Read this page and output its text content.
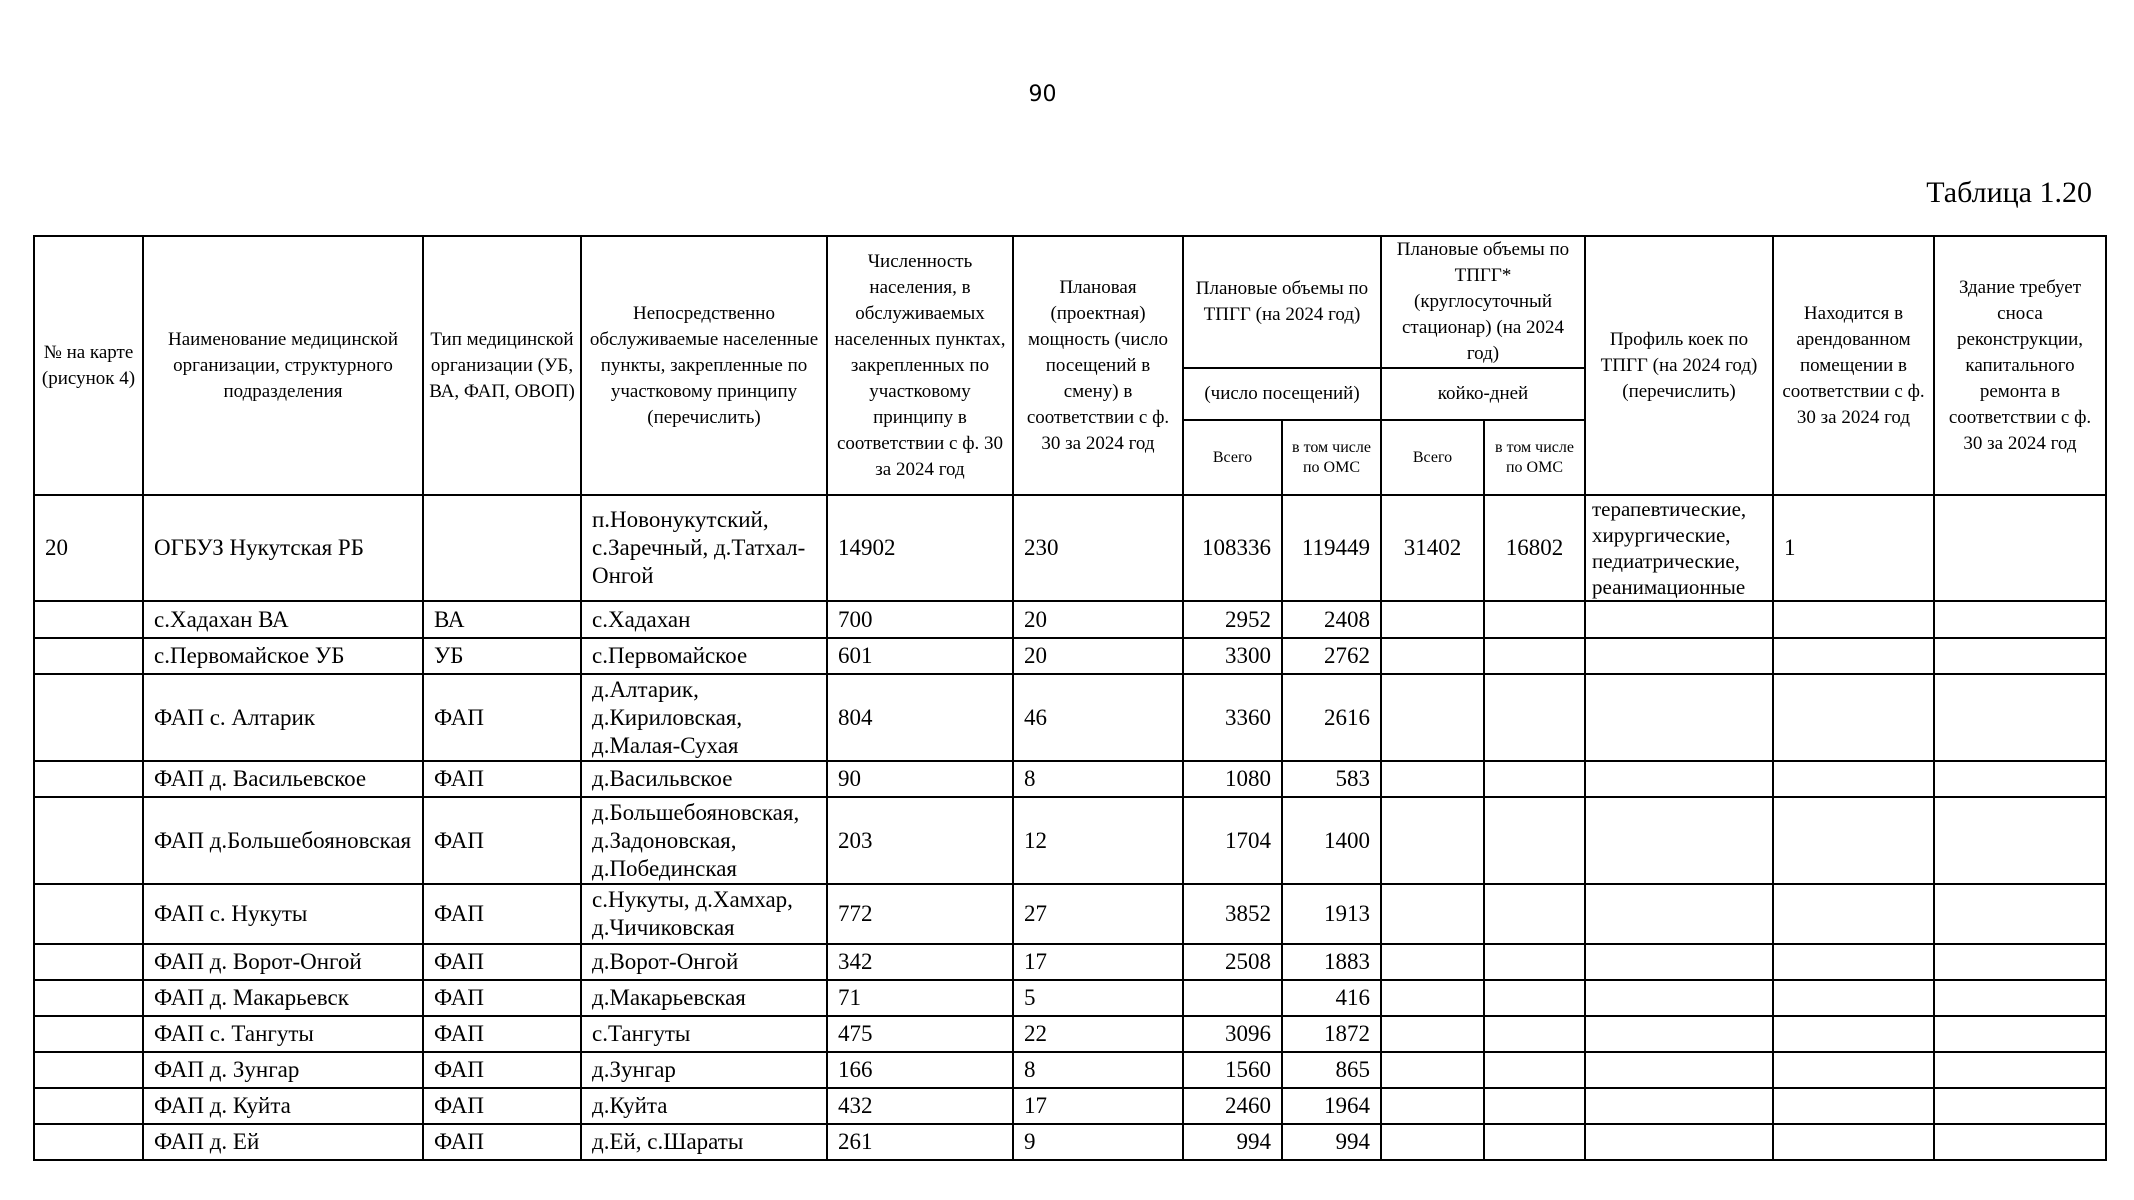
90
Таблица 1.20
№ на карте (рисунок 4)	Наименование медицинской организации, структурного подразделения	Тип медицинской организации (УБ, ВА, ФАП, ОВОП)	Непосредственно обслуживаемые населенные пункты, закрепленные по участковому принципу (перечислить)	Численность населения, в обслуживаемых населенных пунктах, закрепленных по участковому принципу в соответствии с ф. 30 за 2024 год	Плановая (проектная) мощность (число посещений в смену) в соответствии с ф. 30 за 2024 год	Плановые объемы по ТПГГ (на 2024 год)		Плановые объемы по ТПГГ* (круглосуточный стационар) (на 2024 год)		Профиль коек по ТПГГ (на 2024 год) (перечислить)	Находится в арендованном помещении в соответствии с ф. 30 за 2024 год	Здание требует сноса реконструкции, капитального ремонта в соответствии с ф. 30 за 2024 год
						(число посещений)		койко-дней				
						Всего	в том числе по ОМС	Всего	в том числе по ОМС			
20	ОГБУЗ Нукутская РБ		п.Новонукутский, с.Заречный, д.Татхал-Онгой	14902	230	108336	119449	31402	16802	терапевтические, хирургические, педиатрические, реанимационные	1	
	с.Хадахан ВА	ВА	с.Хадахан	700	20	2952	2408					
	с.Первомайское УБ	УБ	с.Первомайское	601	20	3300	2762					
	ФАП с. Алтарик	ФАП	д.Алтарик, д.Кириловская, д.Малая-Сухая	804	46	3360	2616					
	ФАП д. Васильевское	ФАП	д.Васильвское	90	8	1080	583					
	ФАП д.Большебояновская	ФАП	д.Большебояновская, д.Задоновская, д.Побединская	203	12	1704	1400					
	ФАП с. Нукуты	ФАП	с.Нукуты, д.Хамхар, д.Чичиковская	772	27	3852	1913					
	ФАП д. Ворот-Онгой	ФАП	д.Ворот-Онгой	342	17	2508	1883					
	ФАП д. Макарьевск	ФАП	д.Макарьевская	71	5		416					
	ФАП с. Тангуты	ФАП	с.Тангуты	475	22	3096	1872					
	ФАП д. Зунгар	ФАП	д.Зунгар	166	8	1560	865					
	ФАП д. Куйта	ФАП	д.Куйта	432	17	2460	1964					
	ФАП д. Ей	ФАП	д.Ей, с.Шараты	261	9	994	994					
